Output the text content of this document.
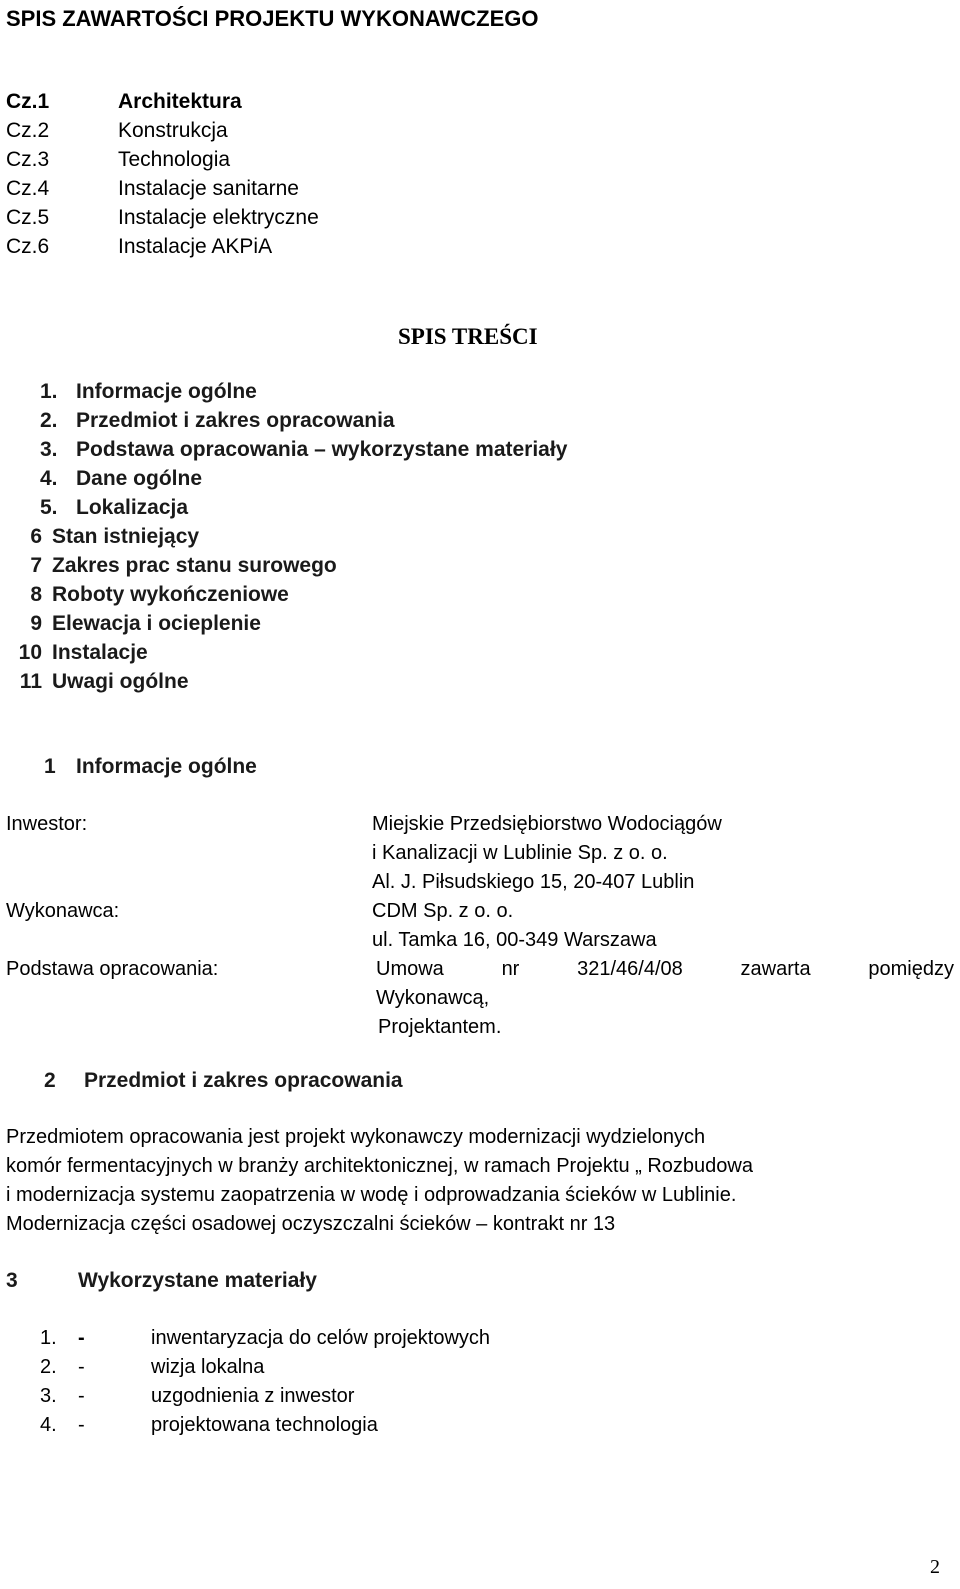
SPIS ZAWARTOŚCI PROJEKTU WYKONAWCZEGO
Cz.1	Architektura
Cz.2	Konstrukcja
Cz.3	Technologia
Cz.4	Instalacje sanitarne
Cz.5	Instalacje elektryczne
Cz.6	Instalacje AKPiA
SPIS TREŚCI
1. Informacje ogólne
2. Przedmiot i zakres opracowania
3. Podstawa opracowania – wykorzystane materiały
4. Dane ogólne
5. Lokalizacja
6 Stan istniejący
7 Zakres prac stanu surowego
8 Roboty wykończeniowe
9 Elewacja i ocieplenie
10 Instalacje
11 Uwagi ogólne
1 Informacje ogólne
Inwestor:	Miejskie Przedsiębiorstwo Wodociągów
i Kanalizacji w Lublinie Sp. z o. o.
Al. J. Piłsudskiego 15, 20-407 Lublin
Wykonawca:	CDM Sp. z o. o.
ul. Tamka 16, 00-349 Warszawa
Podstawa opracowania:	Umowa	nr	321/46/4/08	zawarta	pomiędzy
Wykonawcą,
Projektantem.
2 Przedmiot i zakres opracowania
Przedmiotem opracowania jest projekt wykonawczy modernizacji wydzielonych
komór fermentacyjnych w branży architektonicznej, w ramach Projektu „ Rozbudowa
i modernizacja systemu zaopatrzenia w wodę i odprowadzania ścieków w Lublinie.
Modernizacja części osadowej oczyszczalni ścieków – kontrakt nr 13
3	Wykorzystane materiały
1. -	inwentaryzacja do celów projektowych
2. -	wizja lokalna
3. -	uzgodnienia z inwestor
4. -	projektowana technologia
2
